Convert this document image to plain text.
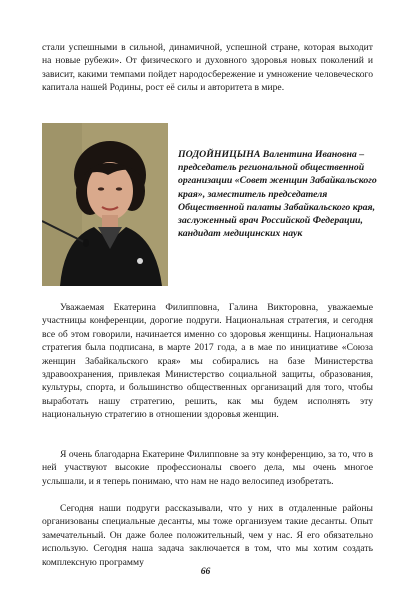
стали успешными в сильной, динамичной, успешной стране, которая выходит на новые рубежи». От физического и духовного здоровья новых поколений и зависит, какими темпами пойдет народосбережение и умножение человеческого капитала нашей Родины, рост её силы и авторитета в мире.

ПОДОЙНИЦЫНА Валентина Ивановна – председатель региональной общественной организации «Совет женщин Забайкальского края», заместитель председателя Общественной палаты Забайкальского края, заслуженный врач Российской Федерации, кандидат медицинских наук

Уважаемая Екатерина Филипповна, Галина Викторовна, уважаемые участницы конференции, дорогие подруги. Национальная стратегия, и сегодня все об этом говорили, начинается именно со здоровья женщины. Национальная стратегия была подписана, в марте 2017 года, а в мае по инициативе «Союза женщин Забайкальского края» мы собирались на базе Министерства здравоохранения, привлекая Министерство социальной защиты, образования, культуры, спорта, и большинство общественных организаций для того, чтобы выработать нашу стратегию, решить, как мы будем исполнять эту национальную стратегию в отношении здоровья женщин.

Я очень благодарна Екатерине Филипповне за эту конференцию, за то, что в ней участвуют высокие профессионалы своего дела, мы очень многое услышали, и я теперь понимаю, что нам не надо велосипед изобретать.

Сегодня наши подруги рассказывали, что у них в отдаленные районы организованы специальные десанты, мы тоже организуем такие десанты. Опыт замечательный. Он даже более положительный, чем у нас. Я его обязательно использую. Сегодня наша задача заключается в том, что мы хотим создать комплексную программу

66
